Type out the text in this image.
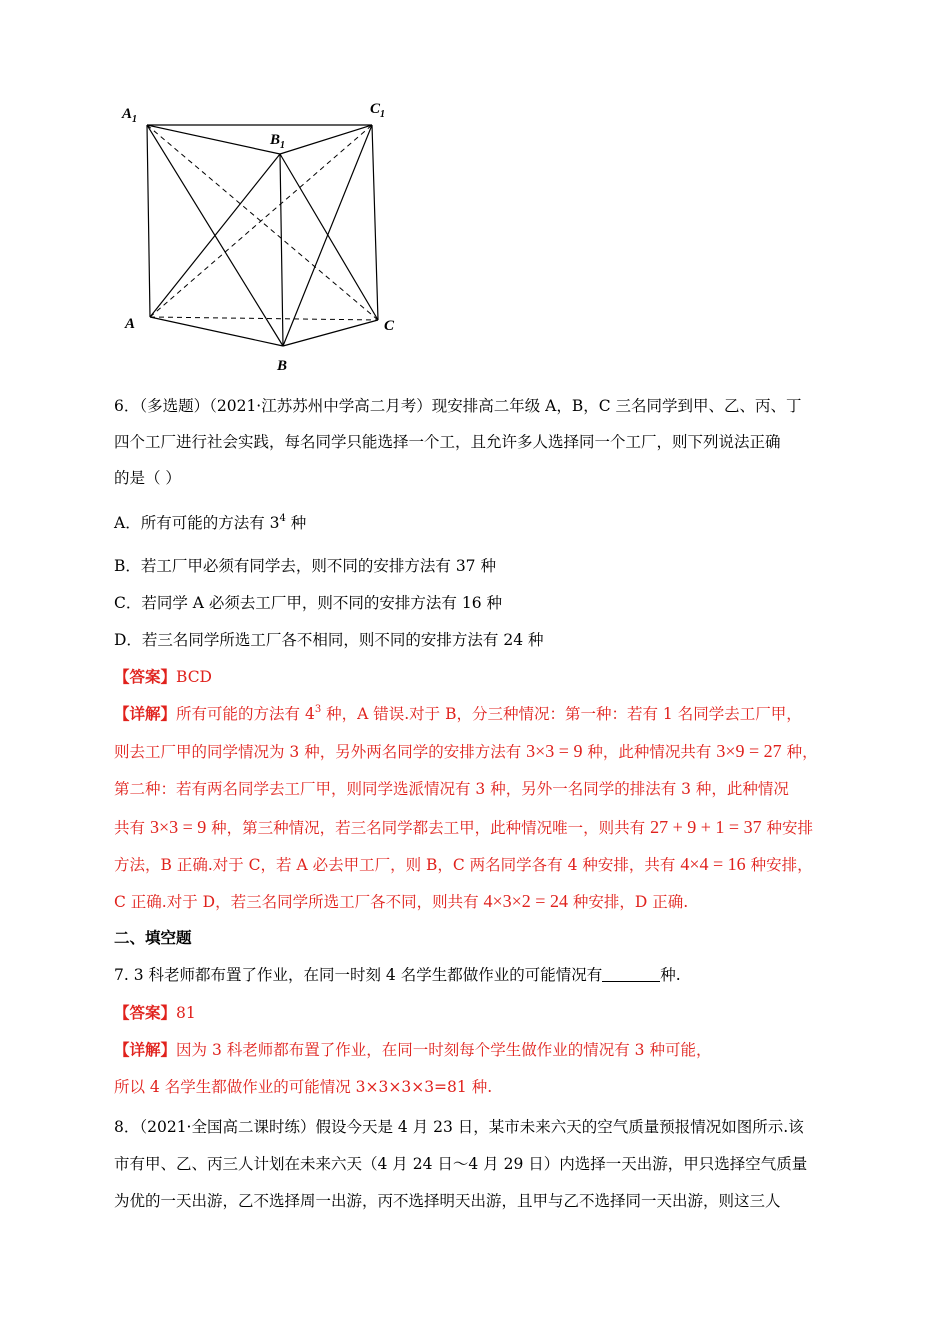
$A_1$
$C_1$
$B_1$
A	C
B
6．（多选题）（2021·江苏苏州中学高二月考）现安排高二年级 A，B，C 三名同学到甲、乙、丙、丁
四个工厂进行社会实践，每名同学只能选择一个工，且允许多人选择同一个工厂，则下列说法正确
的是（ ）
A．所有可能的方法有 $3^4$ 种
B．若工厂甲必须有同学去，则不同的安排方法有 37 种
C．若同学 A 必须去工厂甲，则不同的安排方法有 16 种
D．若三名同学所选工厂各不相同，则不同的安排方法有 24 种
【答案】BCD
【详解】所有可能的方法有 $4^3$ 种，A 错误.对于 B，分三种情况：第一种：若有 1 名同学去工厂甲，
则去工厂甲的同学情况为 3 种，另外两名同学的安排方法有 3×3 = 9 种，此种情况共有 3×9 = 27 种，
第二种：若有两名同学去工厂甲，则同学选派情况有 3 种，另外一名同学的排法有 3 种，此种情况
共有 3×3 = 9 种，第三种情况，若三名同学都去工甲，此种情况唯一，则共有 27 + 9 + 1 = 37 种安排
方法，B 正确.对于 C，若 A 必去甲工厂，则 B，C 两名同学各有 4 种安排，共有 4×4 = 16 种安排，
C 正确.对于 D，若三名同学所选工厂各不同，则共有 4×3×2 = 24 种安排，D 正确.
二、填空题
7. 3 科老师都布置了作业，在同一时刻 4 名学生都做作业的可能情况有	种.
【答案】81
【详解】因为 3 科老师都布置了作业，在同一时刻每个学生做作业的情况有 3 种可能，
所以 4 名学生都做作业的可能情况 3×3×3×3=81 种.
8．（2021·全国高二课时练）假设今天是 4 月 23 日，某市未来六天的空气质量预报情况如图所示.该
市有甲、乙、丙三人计划在未来六天（4 月 24 日～4 月 29 日）内选择一天出游，甲只选择空气质量
为优的一天出游，乙不选择周一出游，丙不选择明天出游，且甲与乙不选择同一天出游，则这三人
